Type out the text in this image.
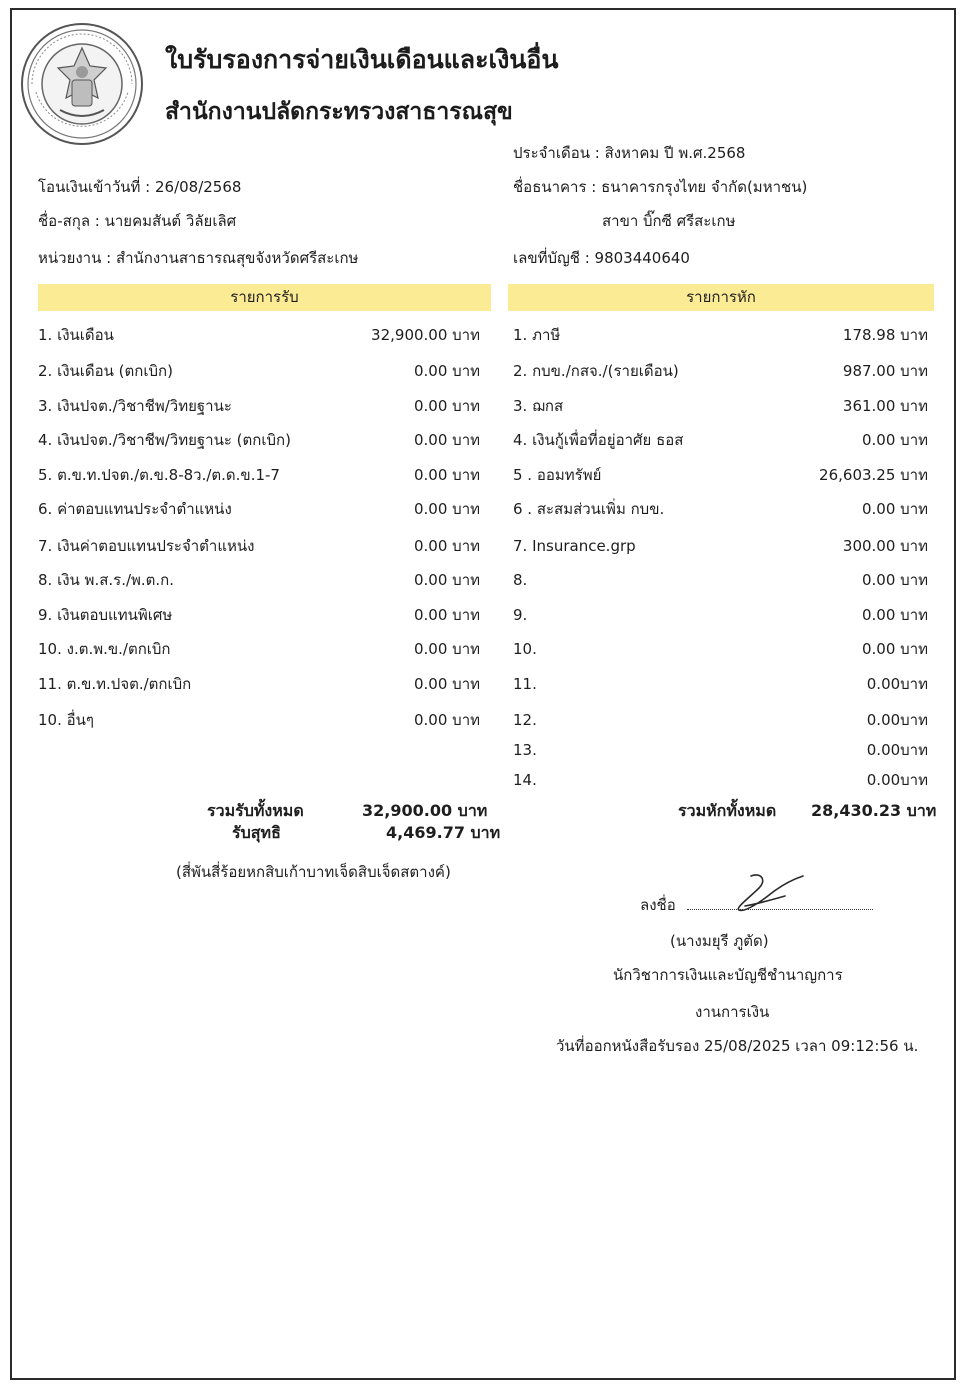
ใบรับรองการจ่ายเงินเดือนและเงินอื่น
สำนักงานปลัดกระทรวงสาธารณสุข
ประจำเดือน : สิงหาคม ปี พ.ศ.2568
โอนเงินเข้าวันที่ : 26/08/2568	ชื่อธนาคาร : ธนาคารกรุงไทย จำกัด(มหาชน)
ชื่อ-สกุล : นายคมสันต์ วิลัยเลิศ	สาขา บิ๊กซี ศรีสะเกษ
หน่วยงาน : สำนักงานสาธารณสุขจังหวัดศรีสะเกษ	เลขที่บัญชี : 9803440640
รายการรับ	รายการหัก
1. เงินเดือน	32,900.00 บาท
2. เงินเดือน (ตกเบิก)	0.00 บาท
3. เงินปจต./วิชาชีพ/วิทยฐานะ	0.00 บาท
4. เงินปจต./วิชาชีพ/วิทยฐานะ (ตกเบิก)	0.00 บาท
5. ต.ข.ท.ปจต./ต.ข.8-8ว./ต.ด.ข.1-7	0.00 บาท
6. ค่าตอบแทนประจำตำแหน่ง	0.00 บาท
7. เงินค่าตอบแทนประจำตำแหน่ง	0.00 บาท
8. เงิน พ.ส.ร./พ.ต.ก.	0.00 บาท
9. เงินตอบแทนพิเศษ	0.00 บาท
10. ง.ต.พ.ข./ตกเบิก	0.00 บาท
11. ต.ข.ท.ปจต./ตกเบิก	0.00 บาท
10. อื่นๆ	0.00 บาท
1. ภาษี	178.98 บาท
2. กบข./กสจ./(รายเดือน)	987.00 บาท
3. ฌกส	361.00 บาท
4. เงินกู้เพื่อที่อยู่อาศัย ธอส	0.00 บาท
5 . ออมทรัพย์	26,603.25 บาท
6 . สะสมส่วนเพิ่ม กบข.	0.00 บาท
7. Insurance.grp	300.00 บาท
8.	0.00 บาท
9.	0.00 บาท
10.	0.00 บาท
11.	0.00บาท
12.	0.00บาท
13.	0.00บาท
14.	0.00บาท
รวมรับทั้งหมด	32,900.00 บาท
รับสุทธิ	4,469.77 บาท
(สี่พันสี่ร้อยหกสิบเก้าบาทเจ็ดสิบเจ็ดสตางค์)
รวมหักทั้งหมด 28,430.23 บาท
ลงชื่อ
(นางมยุรี ภูตัด)
นักวิชาการเงินและบัญชีชำนาญการ
งานการเงิน
วันที่ออกหนังสือรับรอง 25/08/2025 เวลา 09:12:56 น.
